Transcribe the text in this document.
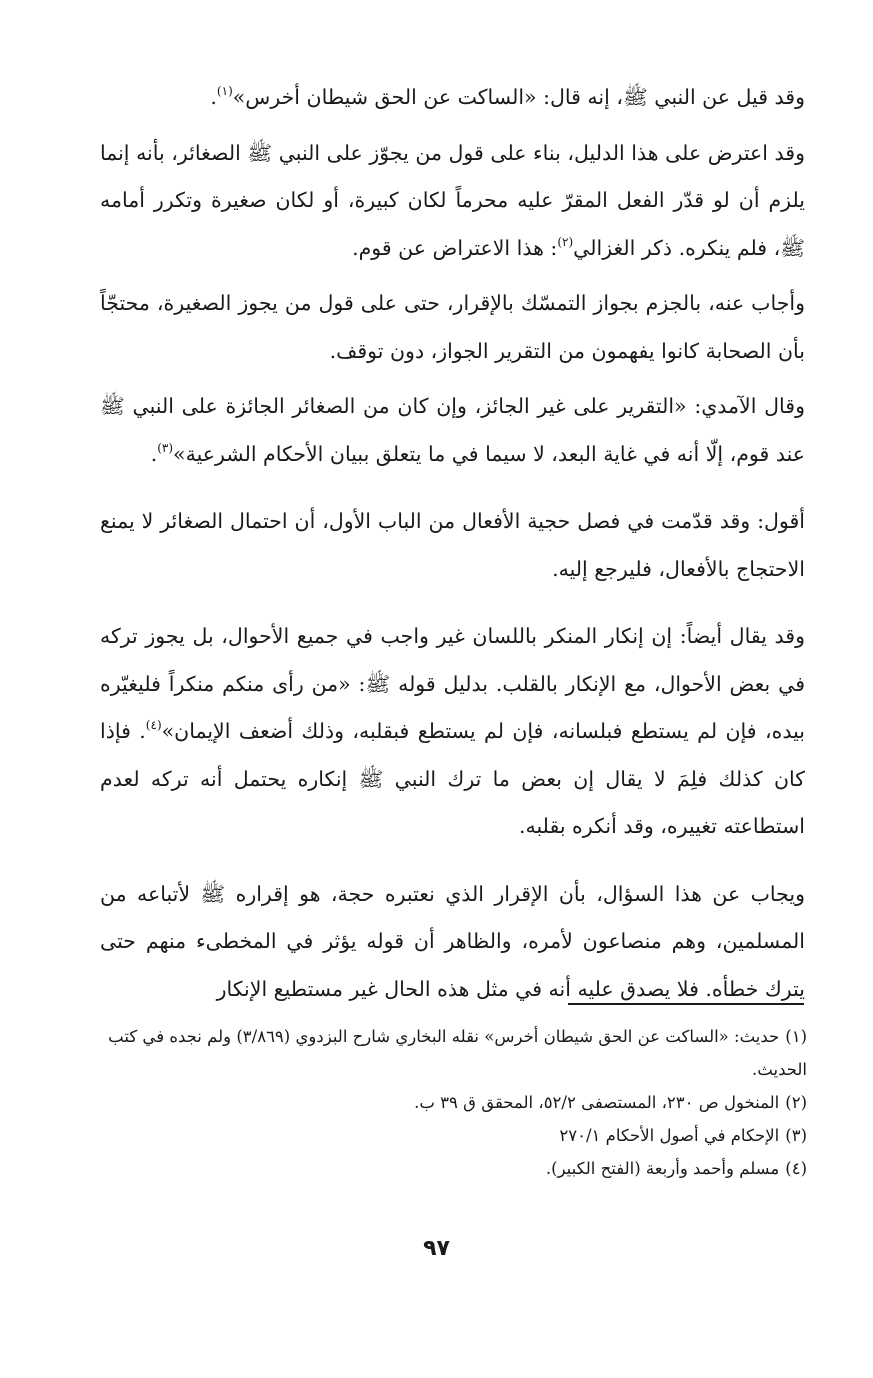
وقد قيل عن النبي ﷺ، إنه قال: «الساكت عن الحق شيطان أخرس»$^{(١)}$.

وقد اعترض على هذا الدليل، بناء على قول من يجوّز على النبي ﷺ الصغائر، بأنه إنما يلزم أن لو قدّر الفعل المقرّ عليه محرماً لكان كبيرة، أو لكان صغيرة وتكرر أمامه ﷺ، فلم ينكره. ذكر الغزالي$^{(٢)}$: هذا الاعتراض عن قوم.

وأجاب عنه، بالجزم بجواز التمسّك بالإقرار، حتى على قول من يجوز الصغيرة، محتجّاً بأن الصحابة كانوا يفهمون من التقرير الجواز، دون توقف.

وقال الآمدي: «التقرير على غير الجائز، وإن كان من الصغائر الجائزة على النبي ﷺ عند قوم، إلّا أنه في غاية البعد، لا سيما في ما يتعلق ببيان الأحكام الشرعية»$^{(٣)}$.

أقول: وقد قدّمت في فصل حجية الأفعال من الباب الأول، أن احتمال الصغائر لا يمنع الاحتجاج بالأفعال، فليرجع إليه.

وقد يقال أيضاً: إن إنكار المنكر باللسان غير واجب في جميع الأحوال، بل يجوز تركه في بعض الأحوال، مع الإنكار بالقلب. بدليل قوله ﷺ: «من رأى منكم منكراً فليغيّره بيده، فإن لم يستطع فبلسانه، فإن لم يستطع فبقلبه، وذلك أضعف الإيمان»$^{(٤)}$. فإذا كان كذلك فلِمَ لا يقال إن بعض ما ترك النبي ﷺ إنكاره يحتمل أنه تركه لعدم استطاعته تغييره، وقد أنكره بقلبه.

ويجاب عن هذا السؤال، بأن الإقرار الذي نعتبره حجة، هو إقراره ﷺ لأتباعه من المسلمين، وهم منصاعون لأمره، والظاهر أن قوله يؤثر في المخطىء منهم حتى يترك خطأه. فلا يصدق عليه أنه في مثل هذه الحال غير مستطيع الإنكار

(١)حديث: «الساكت عن الحق شيطان أخرس» نقله البخاري شارح البزدوي (٣/٨٦٩) ولم نجده في كتب الحديث.

(٢)المنخول ص ٢٣٠، المستصفى ٥٢/٢، المحقق ق ٣٩ ب.

(٣)الإحكام في أصول الأحكام ٢٧٠/١

(٤)مسلم وأحمد وأربعة (الفتح الكبير).

٩٧
